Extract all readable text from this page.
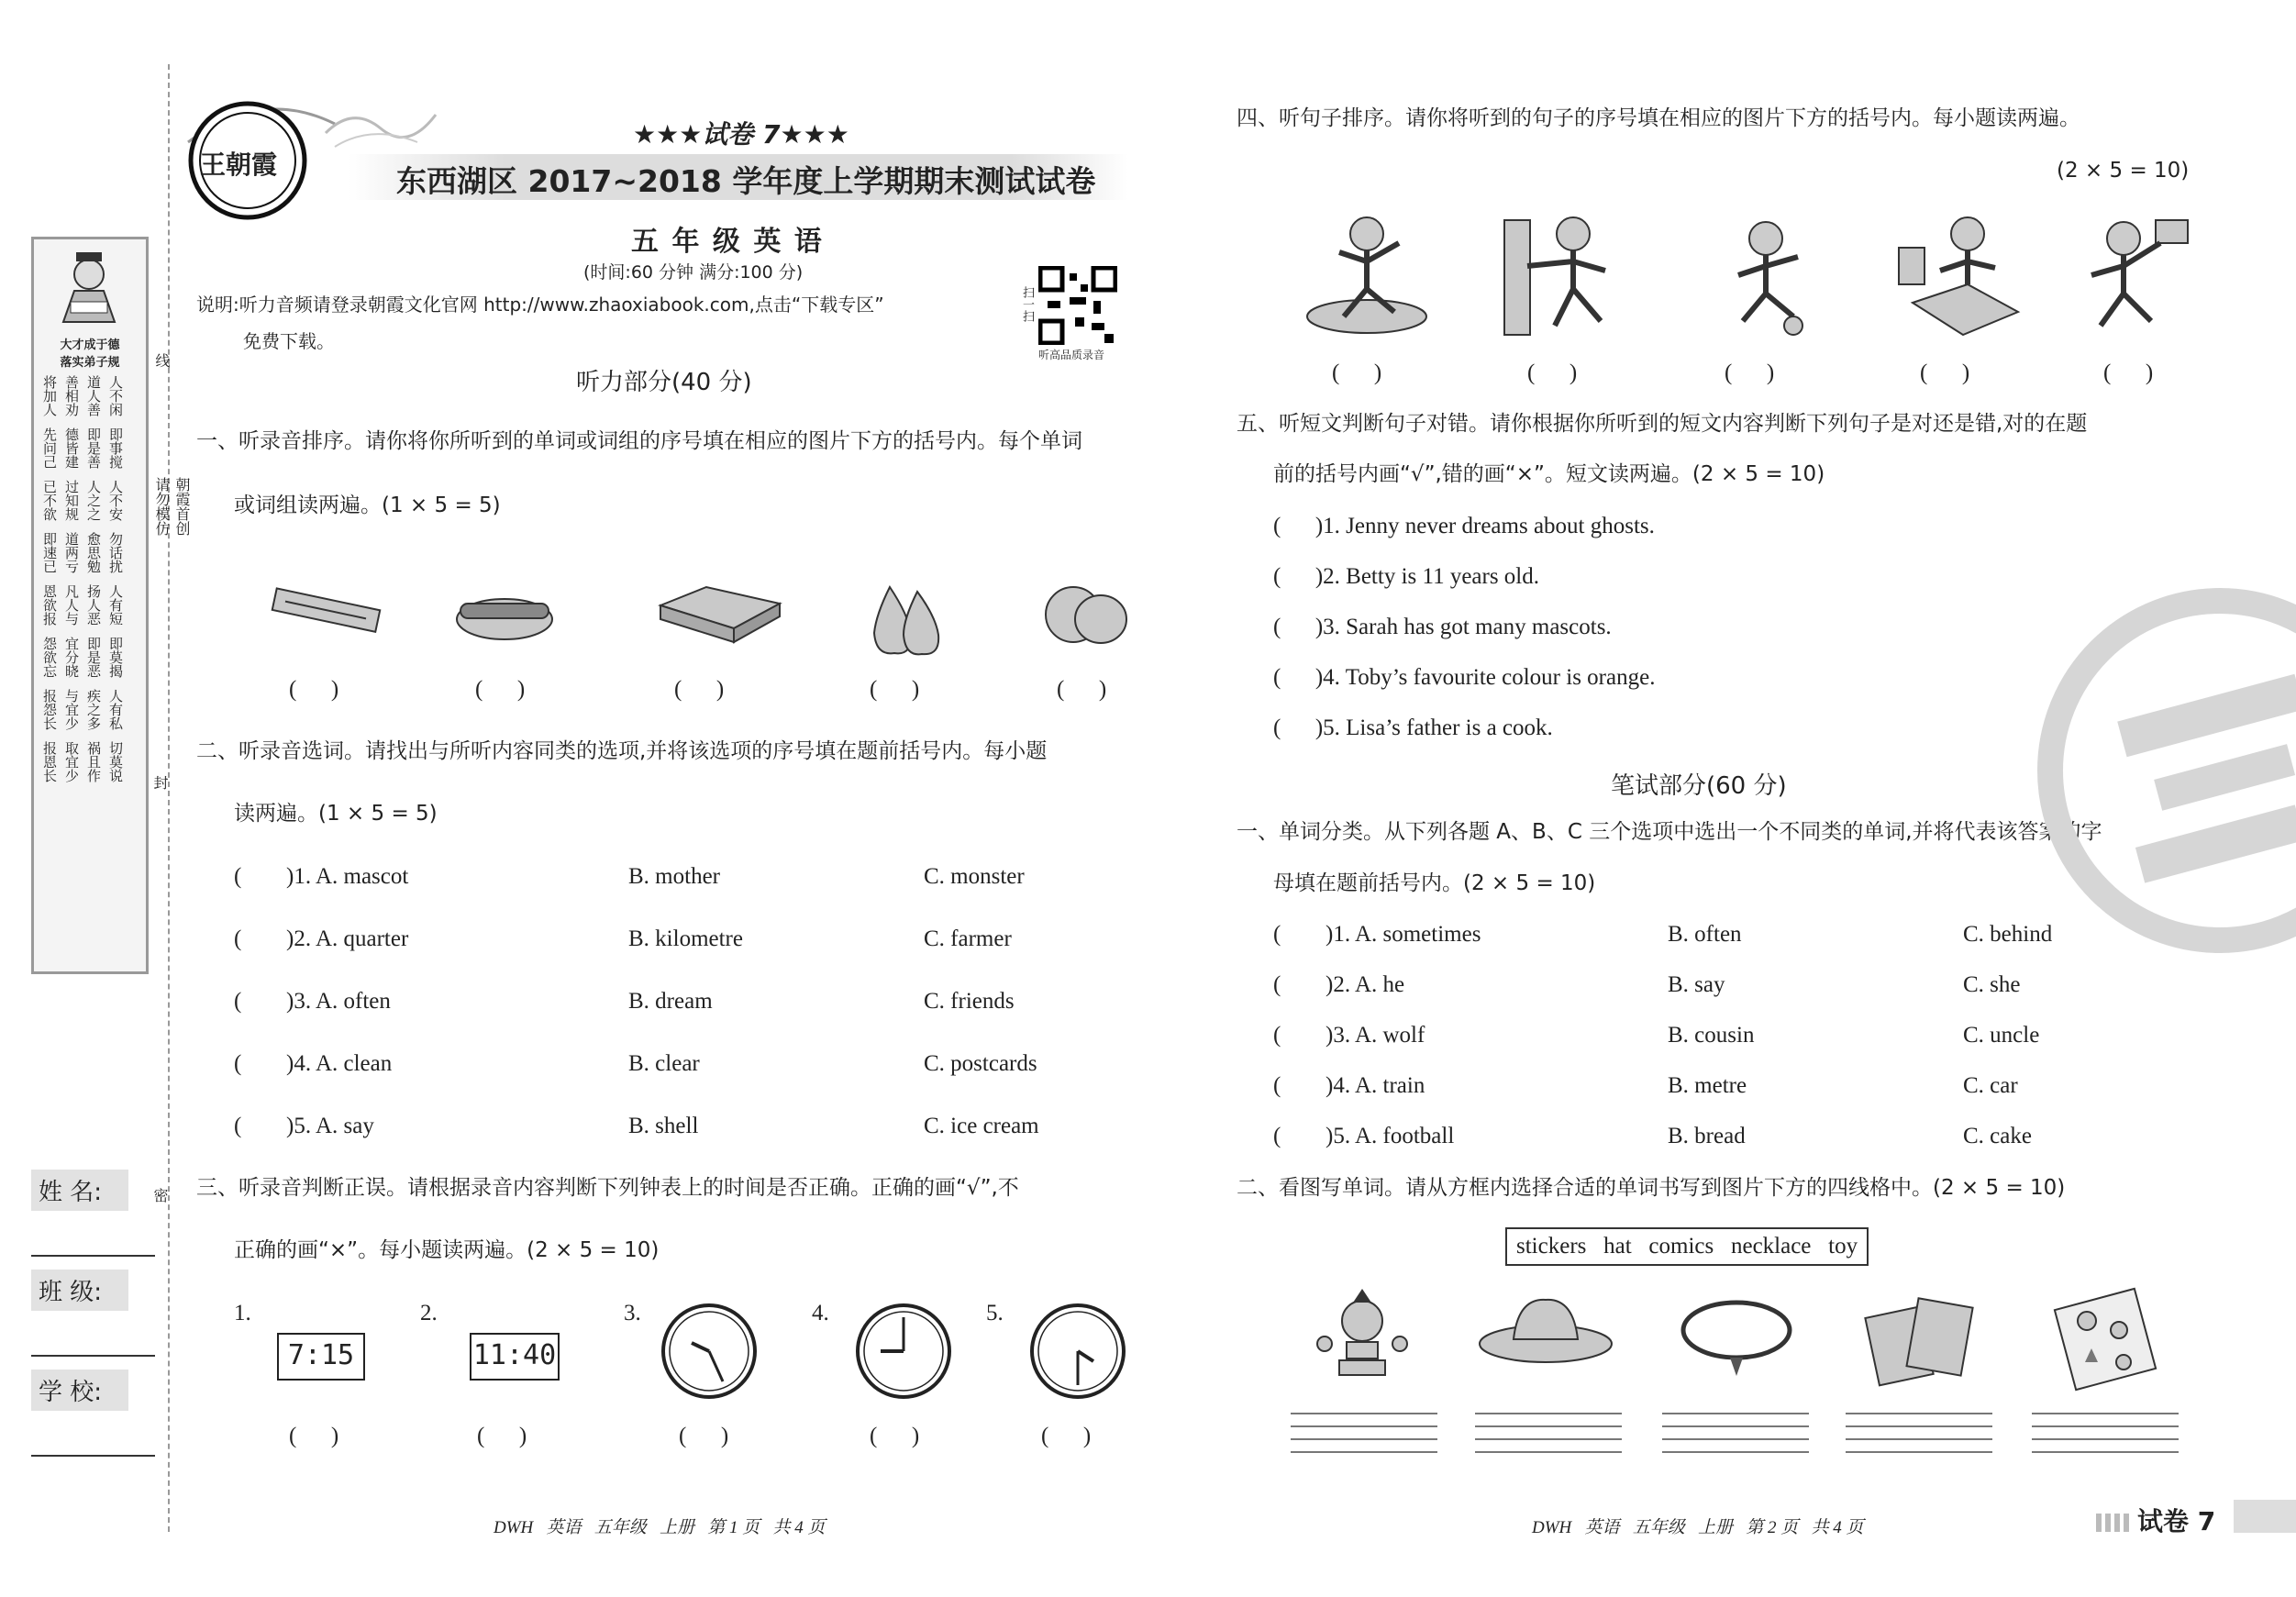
大才成于德
落实弟子规
将加人 善相劝 道人善 人不闲
先问己 德皆建 即是善 即事搅
已不欲 过知规 人之之 人不安
即速已 道两亏 愈思勉 勿话扰
恩欲报 凡人与 扬人恶 人有短
怨欲忘 宜分晓 即是恶 即莫揭
报怨长 与宜少 疾之多 人有私
报恩长 取宜少 祸且作 切莫说
线
封
密
朝霞首创
请勿模仿
姓 名:
班 级:
学 校:
王朝霞
★★★试卷 7★★★
东西湖区 2017~2018 学年度上学期期末测试试卷
五 年 级 英 语
(时间:60 分钟 满分:100 分)
说明:听力音频请登录朝霞文化官网 http://www.zhaoxiabook.com,点击“下载专区”
免费下载。
扫一扫
听高品质录音
听力部分(40 分)
一、听录音排序。请你将你所听到的单词或词组的序号填在相应的图片下方的括号内。每个单词
或词组读两遍。(1 × 5 = 5)
(      )	(      )	(      )	(      )	(      )
二、听录音选词。请找出与所听内容同类的选项,并将该选项的序号填在题前括号内。每小题
读两遍。(1 × 5 = 5)
( )1. A. mascot	B. mother	C. monster
( )2. A. quarter	B. kilometre	C. farmer
( )3. A. often	B. dream	C. friends
( )4. A. clean	B. clear	C. postcards
( )5. A. say	B. shell	C. ice cream
三、听录音判断正误。请根据录音内容判断下列钟表上的时间是否正确。正确的画“√”,不
正确的画“×”。每小题读两遍。(2 × 5 = 10)
1.	2.	3.	4.	5.
7:15	11:40
(      )	(      )	(      )	(      )	(      )
DWH   英语   五年级   上册   第 1 页   共 4 页
四、听句子排序。请你将听到的句子的序号填在相应的图片下方的括号内。每小题读两遍。
(2 × 5 = 10)
(      )	(      )	(      )	(      )	(      )
五、听短文判断句子对错。请你根据你所听到的短文内容判断下列句子是对还是错,对的在题
前的括号内画“√”,错的画“×”。短文读两遍。(2 × 5 = 10)
(      )1. Jenny never dreams about ghosts.
(      )2. Betty is 11 years old.
(      )3. Sarah has got many mascots.
(      )4. Toby’s favourite colour is orange.
(      )5. Lisa’s father is a cook.
笔试部分(60 分)
一、单词分类。从下列各题 A、B、C 三个选项中选出一个不同类的单词,并将代表该答案的字
母填在题前括号内。(2 × 5 = 10)
( )1. A. sometimes	B. often	C. behind
( )2. A. he	B. say	C. she
( )3. A. wolf	B. cousin	C. uncle
( )4. A. train	B. metre	C. car
( )5. A. football	B. bread	C. cake
二、看图写单词。请从方框内选择合适的单词书写到图片下方的四线格中。(2 × 5 = 10)
stickers   hat   comics   necklace   toy
DWH   英语   五年级   上册   第 2 页   共 4 页	试卷 7
